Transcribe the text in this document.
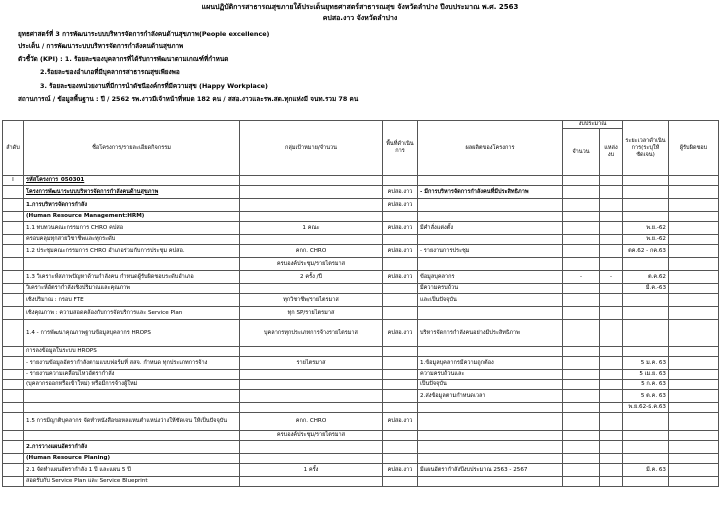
แผนปฏิบัติการสาธารณสุขภายใต้ประเด็นยุทธศาสตร์สาธารณสุข จังหวัดลำปาง ปีงบประมาณ พ.ศ. 2563
คปสอ.งาว จังหวัดลำปาง
ยุทธศาสตร์ที่ 3 การพัฒนาระบบบริหารจัดการกำลังคนด้านสุขภาพ(People excellence)
ประเด็น / การพัฒนาระบบบริหารจัดการกำลังคนด้านสุขภาพ
ตัวชี้วัด (KPI) : 1. ร้อยละของบุคลากรที่ได้รับการพัฒนาตามเกณฑ์ที่กำหนด
2.ร้อยละของอำเภอที่มีบุคลากรสาธารณสุขเพียงพอ
3. ร้อยละของหน่วยงานที่มีการนำดัชนีองค์กรที่มีความสุข (Happy Workplace)
สถานการณ์ / ข้อมูลพื้นฐาน : ปี / 2562 รพ.งาวมีเจ้าหน้าที่หมด 182 คน / สสอ.งาวและรพ.สต.ทุกแห่งมี จนท.รวม 78 คน
ลำดับ	ชื่อโครงการ/รายละเอียดกิจกรรม	กลุ่มเป้าหมาย/จำนวน	พื้นที่ดำเนินการ	ผลผลิตของโครงการ	งบประมาณ		ระยะเวลาดำเนินการ(ระบุให้ชัดเจน)	ผู้รับผิดชอบ
					จำนวน	แหล่งงบ		
I	รหัสโครงการ_050301							
	โครงการพัฒนาระบบบริหารจัดการกำลังคนด้านสุขภาพ		คปสอ.งาว	- มีการบริหารจัดการกำลังคนที่มีประสิทธิภาพ				
	1.การบริหารจัดการกำลัง		คปสอ.งาว					
	(Human Resource Management:HRM)							
	1.1 ทบทวนคณะกรรมการ CHRO คปสอ	1 คณะ	คปสอ.งาว	มีคำสั่งแต่งตั้ง			พ.ย.-62	
	ครอบคลุมทุกสายวิชาชีพและทุกระดับ						พ.ย.-62	
	1.2 ประชุมคณะกรรมการ CHRO อำเภอร่วมกับการประชุม คปสอ.	คกก. CHRO	คปสอ.งาว	- รายงานการประชุม			ตค.62 - กค.63	
		ครบองค์ประชุม/รายไตรมาส						
	1.3 วิเคราะห์สภาพปัญหาด้านกำลังคน กำหนดผู้รับผิดชอบระดับอำเภอ	2 ครั้ง /ปี	คปสอ.งาว	ข้อมูลบุคลากร	-	-	ต.ค.62	
	วิเคราะห์อัตรากำลังเชิงปริมาณและคุณภาพ			มีความครบถ้วน			มี.ค.-63	
	เชิงปริมาณ : กรอบ FTE	ทุกวิชาชีพ/รายไตรมาส		และเป็นปัจจุบัน				
	เชิงคุณภาพ : ความสอดคล้องกับการจัดบริการและ Service Plan	ทุก SP/รายไตรมาส						
	1.4 - การพัฒนาคุณภาพฐานข้อมูลบุคลากร HROPS	บุคลากรทุกประเภทการจ้างรายไตรมาส	คปสอ.งาว	บริหารจัดการกำลังคนอย่างมีประสิทธิภาพ				
	การลงข้อมูลในระบบ HROPS							
	- รายงานข้อมูลอัตรากำลังตามแบบฟอร์มที่ สสจ. กำหนด ทุกประเภทการจ้าง	รายไตรมาส		1.ข้อมูลบุคลากรมีความถูกต้อง			5 ม.ค. 63	
	- รายงานความเคลื่อนไหวอัตรากำลัง			ความครบถ้วนและ			5 เม.ย. 63	
	(บุคลากรออกหรือเข้าใหม่) หรือมีการจ้างผู้ใหม่			เป็นปัจจุบัน			5 ก.ค. 63	
				2.ส่งข้อมูลตามกำหนดเวลา			5 ต.ค. 63	
							พ.ย.62-ธ.ค.63	
	1.5 การมีญาติบุคลากร จัดทำหนังสือขอหลแหนตำแหน่งว่างให้ชัดเจน ให้เป็นปัจจุบัน	คกก. CHRO	คปสอ.งาว					
		ครบองค์ประชุม/รายไตรมาส						
	2.การวางแผนอัตรากำลัง							
	(Human Resource Planing)							
	2.1 จัดทำแผนอัตรากำลัง 1 ปี และแผน 5 ปี	1 ครั้ง	คปสอ.งาว	มีแผนอัตรากำลังปีงบประมาณ 2563 - 2567			มี.ค. 63	
	สอดรับกับ Service Plan และ Service Blueprint							
